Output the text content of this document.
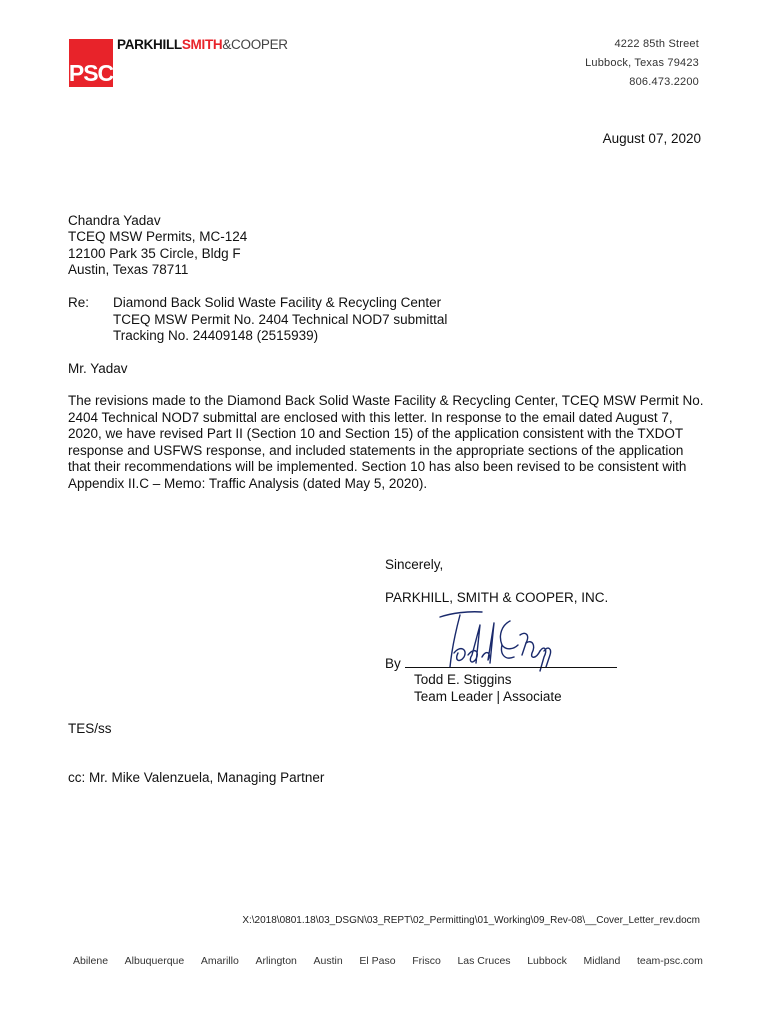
PSC
PARKHILLSMITH&COOPER	4222 85th Street
Lubbock, Texas 79423
806.473.2200
August 07, 2020
Chandra Yadav
TCEQ MSW Permits, MC-124
12100 Park 35 Circle, Bldg F
Austin, Texas 78711
Re: Diamond Back Solid Waste Facility & Recycling Center
TCEQ MSW Permit No. 2404 Technical NOD7 submittal
Tracking No. 24409148 (2515939)
Mr. Yadav
The revisions made to the Diamond Back Solid Waste Facility & Recycling Center, TCEQ MSW Permit No. 2404 Technical NOD7 submittal are enclosed with this letter. In response to the email dated August 7, 2020, we have revised Part II (Section 10 and Section 15) of the application consistent with the TXDOT response and USFWS response, and included statements in the appropriate sections of the application that their recommendations will be implemented. Section 10 has also been revised to be consistent with Appendix II.C – Memo: Traffic Analysis (dated May 5, 2020).
Sincerely,
PARKHILL, SMITH & COOPER, INC.
By
Todd E. Stiggins
Team Leader | Associate
TES/ss
cc: Mr. Mike Valenzuela, Managing Partner
X:\2018\0801.18\03_DSGN\03_REPT\02_Permitting\01_Working\09_Rev-08\__Cover_Letter_rev.docm
Abilene Albuquerque Amarillo Arlington Austin El Paso Frisco Las Cruces Lubbock Midland team-psc.com
